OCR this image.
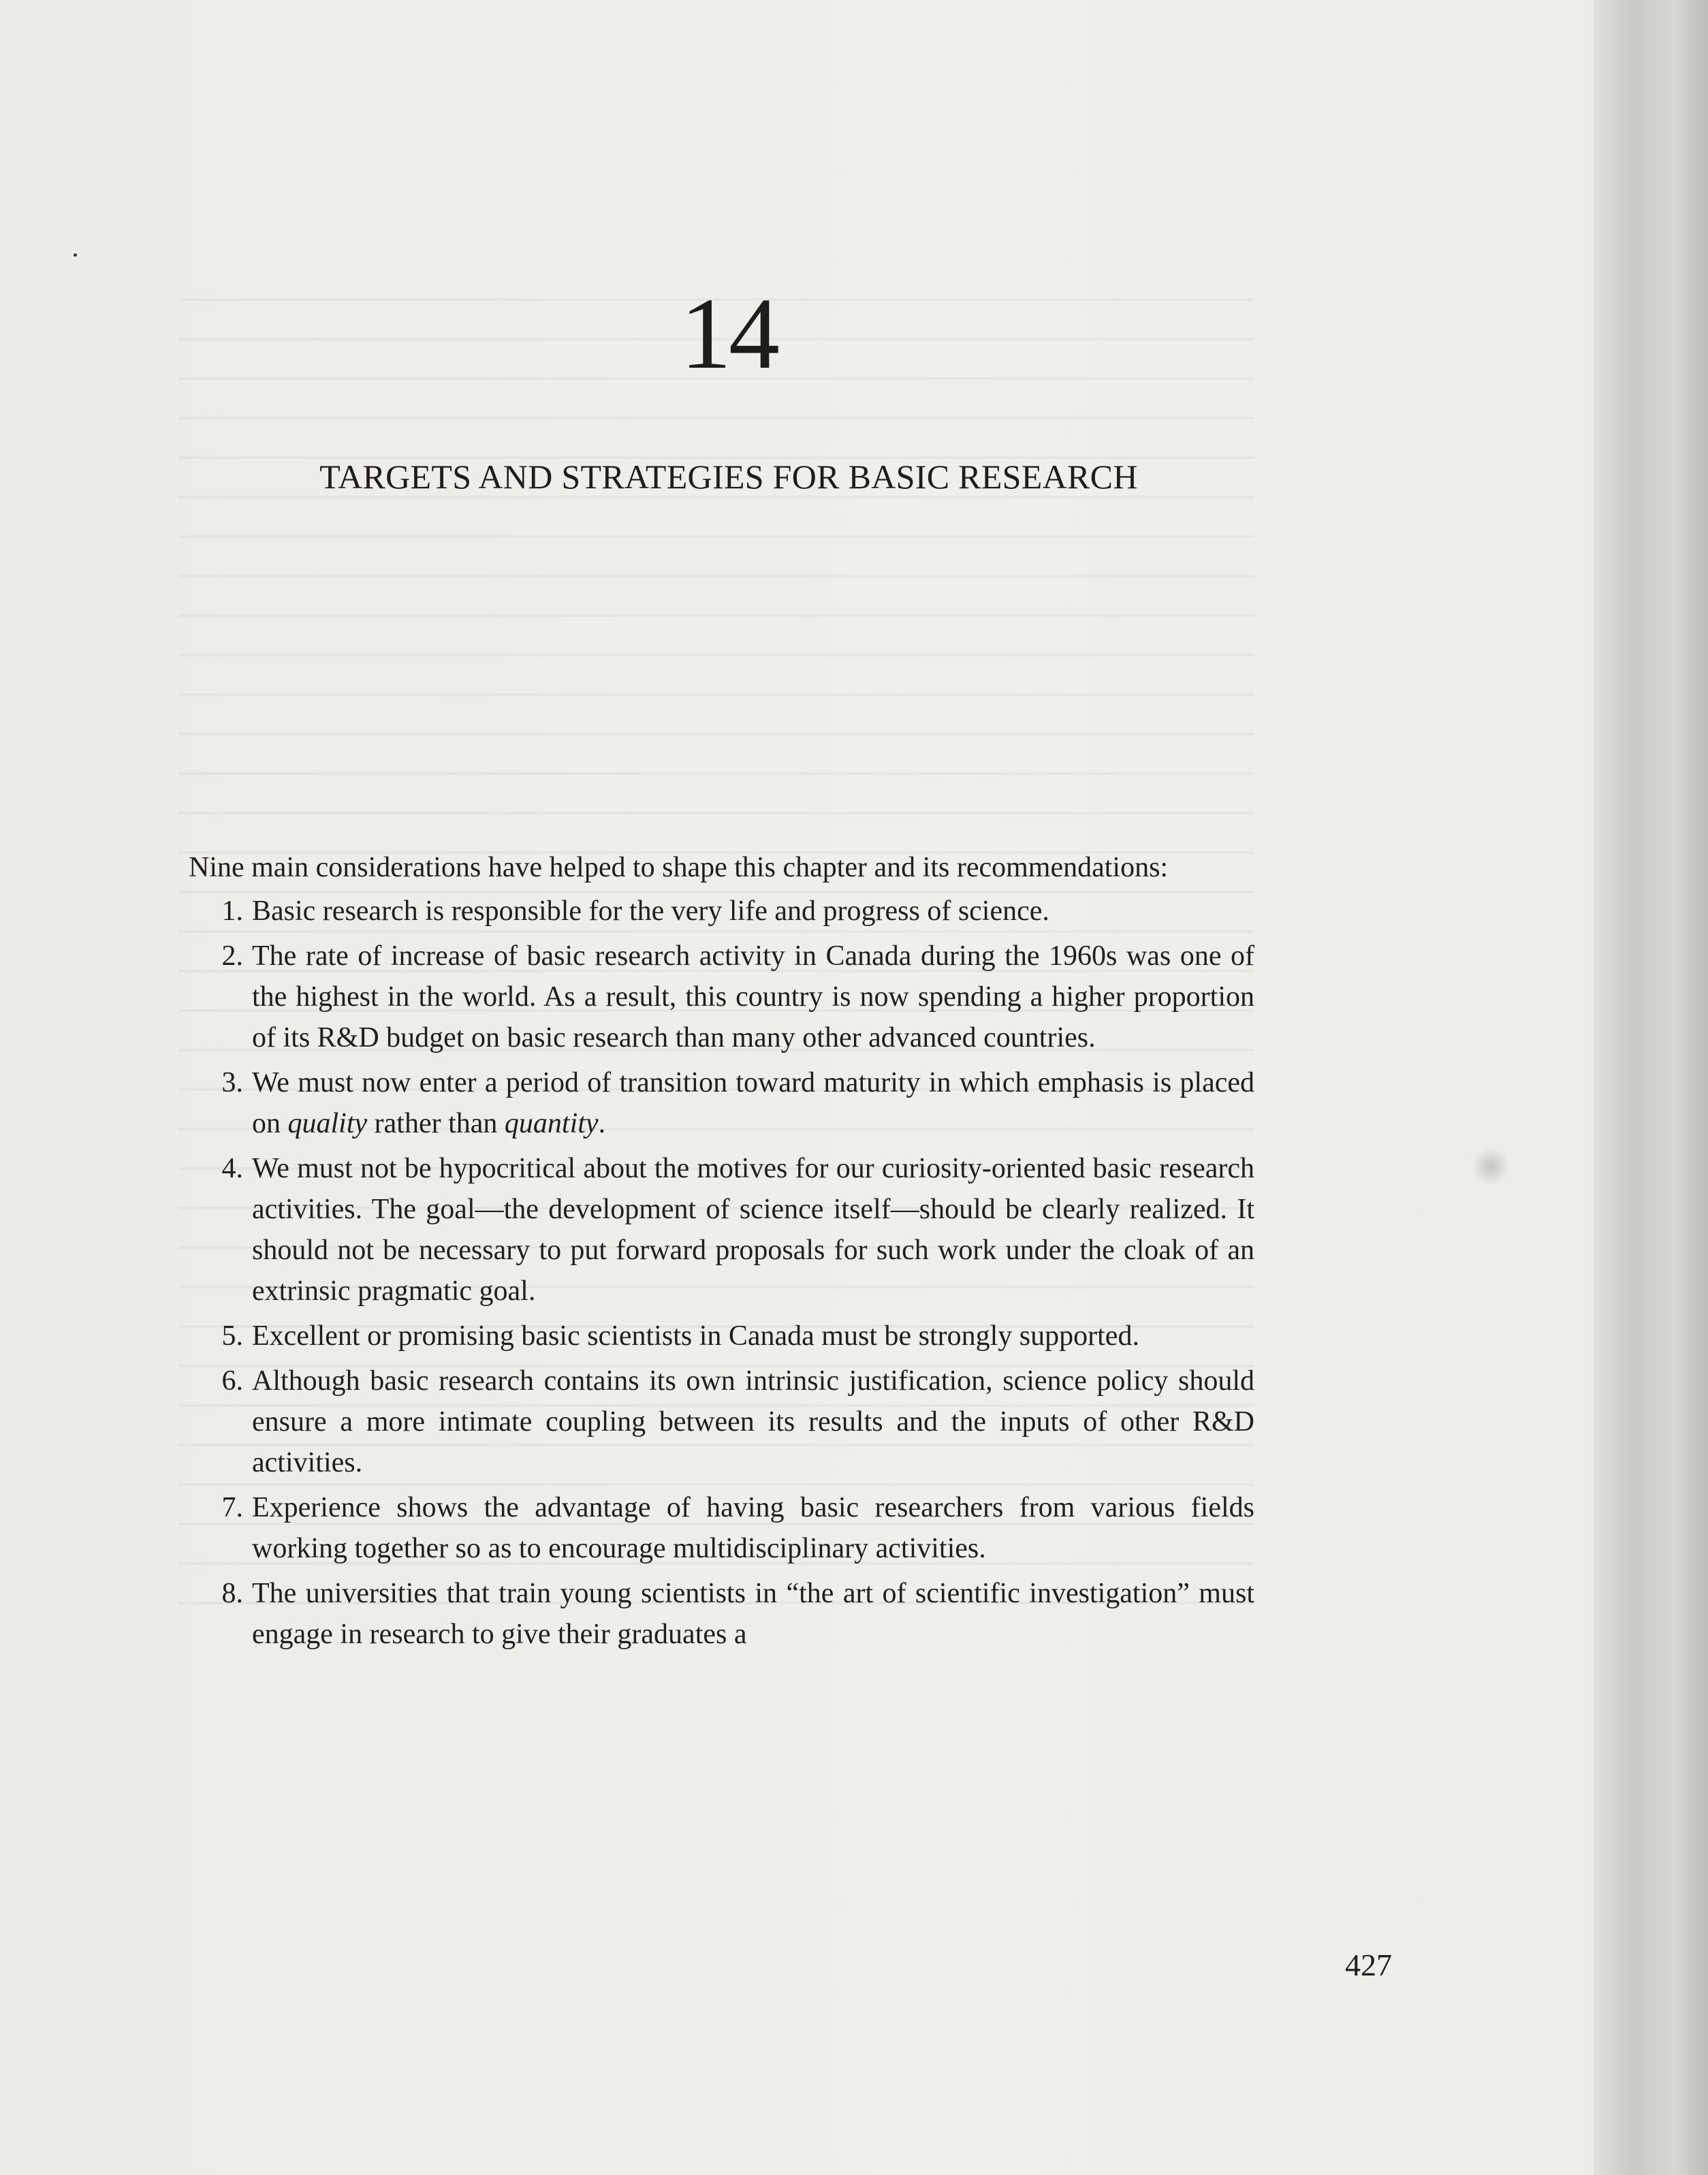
14
TARGETS AND STRATEGIES FOR BASIC RESEARCH

Nine main considerations have helped to shape this chapter and its recommendations:

1. Basic research is responsible for the very life and progress of science.
2. The rate of increase of basic research activity in Canada during the 1960s was one of the highest in the world. As a result, this country is now spending a higher proportion of its R&D budget on basic research than many other advanced countries.
3. We must now enter a period of transition toward maturity in which emphasis is placed on quality rather than quantity.
4. We must not be hypocritical about the motives for our curiosity-oriented basic research activities. The goal—the development of science itself—should be clearly realized. It should not be necessary to put forward proposals for such work under the cloak of an extrinsic pragmatic goal.
5. Excellent or promising basic scientists in Canada must be strongly supported.
6. Although basic research contains its own intrinsic justification, science policy should ensure a more intimate coupling between its results and the inputs of other R&D activities.
7. Experience shows the advantage of having basic researchers from various fields working together so as to encourage multidisciplinary activities.
8. The universities that train young scientists in “the art of scientific investigation” must engage in research to give their graduates a
427
